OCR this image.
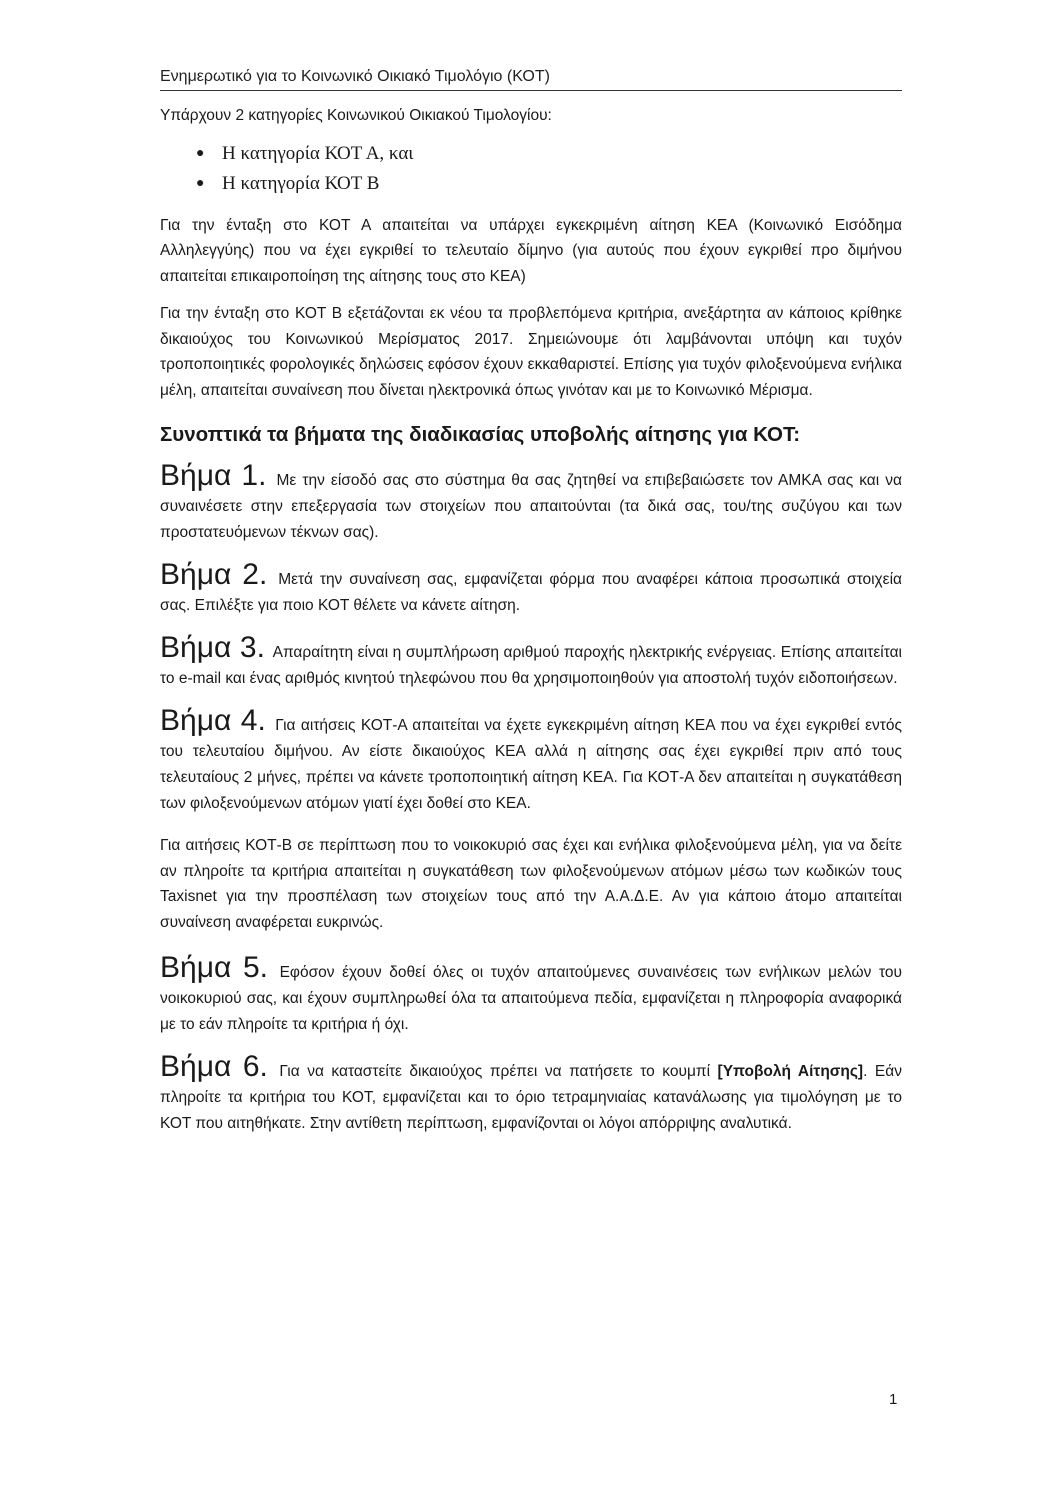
Ενημερωτικό για το Κοινωνικό Οικιακό Τιμολόγιο (ΚΟΤ)

Υπάρχουν 2 κατηγορίες Κοινωνικού Οικιακού Τιμολογίου:

● Η κατηγορία ΚΟΤ Α, και
● Η κατηγορία ΚΟΤ Β

Για την ένταξη στο ΚΟΤ Α απαιτείται να υπάρχει εγκεκριμένη αίτηση ΚΕΑ (Κοινωνικό Εισόδημα Αλληλεγγύης) που να έχει εγκριθεί το τελευταίο δίμηνο (για αυτούς που έχουν εγκριθεί προ διμήνου απαιτείται επικαιροποίηση της αίτησης τους στο ΚΕΑ)

Για την ένταξη στο ΚΟΤ Β εξετάζονται εκ νέου τα προβλεπόμενα κριτήρια, ανεξάρτητα αν κάποιος κρίθηκε δικαιούχος του Κοινωνικού Μερίσματος 2017. Σημειώνουμε ότι λαμβάνονται υπόψη και τυχόν τροποποιητικές φορολογικές δηλώσεις εφόσον έχουν εκκαθαριστεί. Επίσης για τυχόν φιλοξενούμενα ενήλικα μέλη, απαιτείται συναίνεση που δίνεται ηλεκτρονικά όπως γινόταν και με το Κοινωνικό Μέρισμα.

Συνοπτικά τα βήματα της διαδικασίας υποβολής αίτησης για ΚΟΤ:

Βήμα 1. Με την είσοδό σας στο σύστημα θα σας ζητηθεί να επιβεβαιώσετε τον ΑΜΚΑ σας και να συναινέσετε στην επεξεργασία των στοιχείων που απαιτούνται (τα δικά σας, του/της συζύγου και των προστατευόμενων τέκνων σας).

Βήμα 2. Μετά την συναίνεση σας, εμφανίζεται φόρμα που αναφέρει κάποια προσωπικά στοιχεία σας. Επιλέξτε για ποιο ΚΟΤ θέλετε να κάνετε αίτηση.

Βήμα 3. Απαραίτητη είναι η συμπλήρωση αριθμού παροχής ηλεκτρικής ενέργειας. Επίσης απαιτείται το e-mail και ένας αριθμός κινητού τηλεφώνου που θα χρησιμοποιηθούν για αποστολή τυχόν ειδοποιήσεων.

Βήμα 4. Για αιτήσεις ΚΟΤ-Α απαιτείται να έχετε εγκεκριμένη αίτηση ΚΕΑ που να έχει εγκριθεί εντός του τελευταίου διμήνου. Αν είστε δικαιούχος ΚΕΑ αλλά η αίτησης σας έχει εγκριθεί πριν από τους τελευταίους 2 μήνες, πρέπει να κάνετε τροποποιητική αίτηση ΚΕΑ. Για ΚΟΤ-Α δεν απαιτείται η συγκατάθεση των φιλοξενούμενων ατόμων γιατί έχει δοθεί στο ΚΕΑ.

Για αιτήσεις ΚΟΤ-Β σε περίπτωση που το νοικοκυριό σας έχει και ενήλικα φιλοξενούμενα μέλη, για να δείτε αν πληροίτε τα κριτήρια απαιτείται η συγκατάθεση των φιλοξενούμενων ατόμων μέσω των κωδικών τους Taxisnet για την προσπέλαση των στοιχείων τους από την Α.Α.Δ.Ε. Αν για κάποιο άτομο απαιτείται συναίνεση αναφέρεται ευκρινώς.

Βήμα 5. Εφόσον έχουν δοθεί όλες οι τυχόν απαιτούμενες συναινέσεις των ενήλικων μελών του νοικοκυριού σας, και έχουν συμπληρωθεί όλα τα απαιτούμενα πεδία, εμφανίζεται η πληροφορία αναφορικά με το εάν πληροίτε τα κριτήρια ή όχι.

Βήμα 6. Για να καταστείτε δικαιούχος πρέπει να πατήσετε το κουμπί [Υποβολή Αίτησης]. Εάν πληροίτε τα κριτήρια του ΚΟΤ, εμφανίζεται και το όριο τετραμηνιαίας κατανάλωσης για τιμολόγηση με το ΚΟΤ που αιτηθήκατε. Στην αντίθετη περίπτωση, εμφανίζονται οι λόγοι απόρριψης αναλυτικά.

1
